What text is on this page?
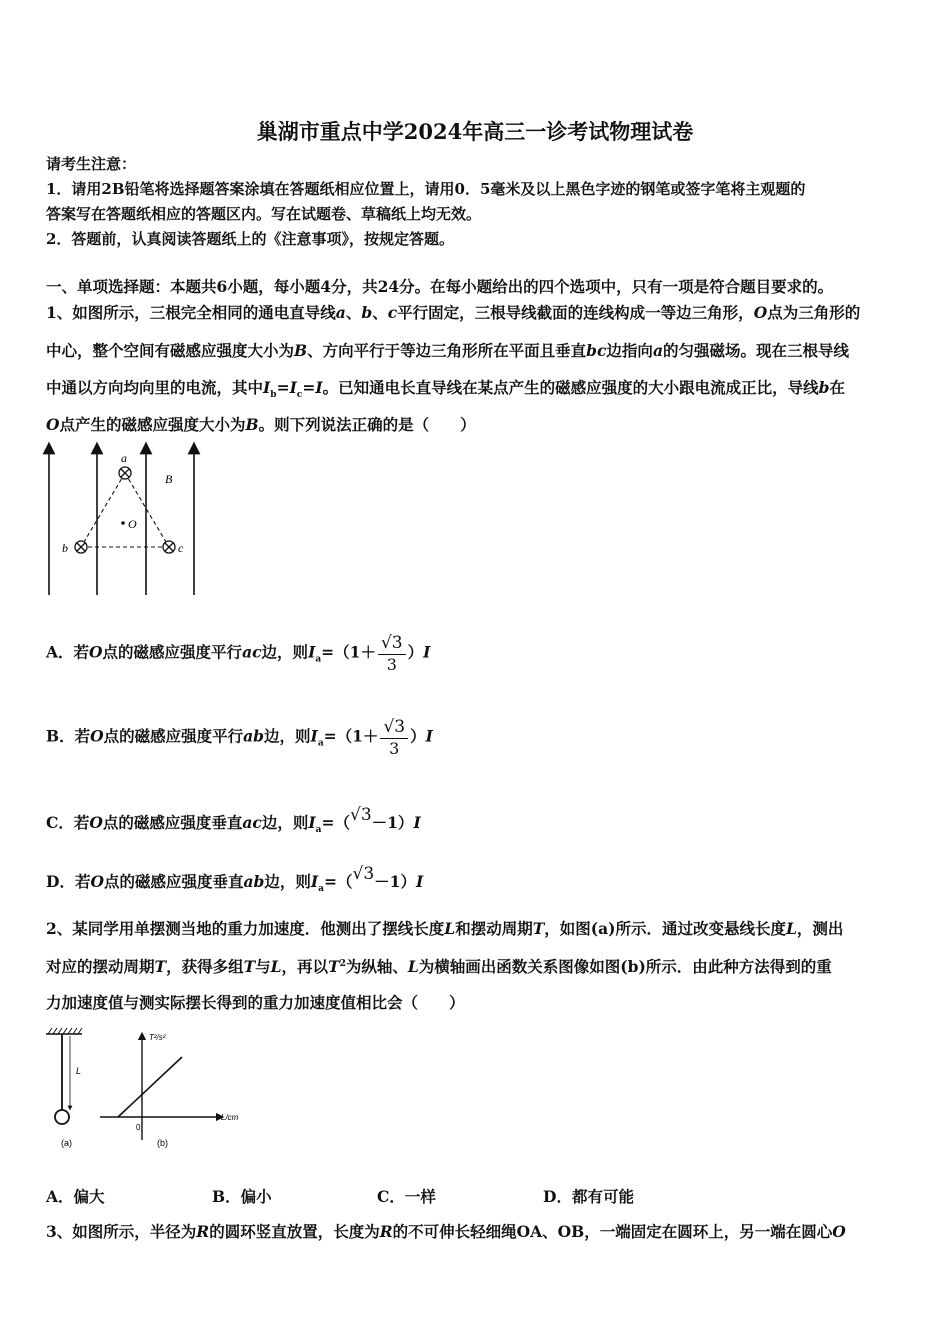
巢湖市重点中学2024年高三一诊考试物理试卷
请考生注意：
1．请用2B铅笔将选择题答案涂填在答题纸相应位置上，请用0．5毫米及以上黑色字迹的钢笔或签字笔将主观题的
答案写在答题纸相应的答题区内。写在试题卷、草稿纸上均无效。
2．答题前，认真阅读答题纸上的《注意事项》，按规定答题。
一、单项选择题：本题共6小题，每小题4分，共24分。在每小题给出的四个选项中，只有一项是符合题目要求的。
1、如图所示，三根完全相同的通电直导线a、b、c平行固定，三根导线截面的连线构成一等边三角形，O点为三角形的
中心，整个空间有磁感应强度大小为B、方向平行于等边三角形所在平面且垂直bc边指向a的匀强磁场。现在三根导线
中通以方向均向里的电流，其中$I_b=I_c=I$。已知通电长直导线在某点产生的磁感应强度的大小跟电流成正比，导线b在
O点产生的磁感应强度大小为B。则下列说法正确的是（　　）
a
b	c
O
B
A．若O点的磁感应强度平行ac边，则$I_a=(1+ \frac{√3}{3} )I$
B．若O点的磁感应强度平行ab边，则$I_a=(1+ \frac{√3}{3} )I$
C．若O点的磁感应强度垂直ac边，则$I_a=(√3-1)I$
D．若O点的磁感应强度垂直ab边，则$I_a=(√3-1)I$
2、某同学用单摆测当地的重力加速度．他测出了摆线长度L和摆动周期T，如图(a)所示．通过改变悬线长度L，测出
对应的摆动周期T，获得多组T与L，再以$T^2$为纵轴、L为横轴画出函数关系图像如图(b)所示．由此种方法得到的重
力加速度值与测实际摆长得到的重力加速度值相比会（　　）
L
(a)
T²/s²
L/cm
0
(b)
A．偏大	B．偏小	C．一样	D．都有可能
3、如图所示，半径为R的圆环竖直放置，长度为R的不可伸长轻细绳OA、OB，一端固定在圆环上，另一端在圆心O
